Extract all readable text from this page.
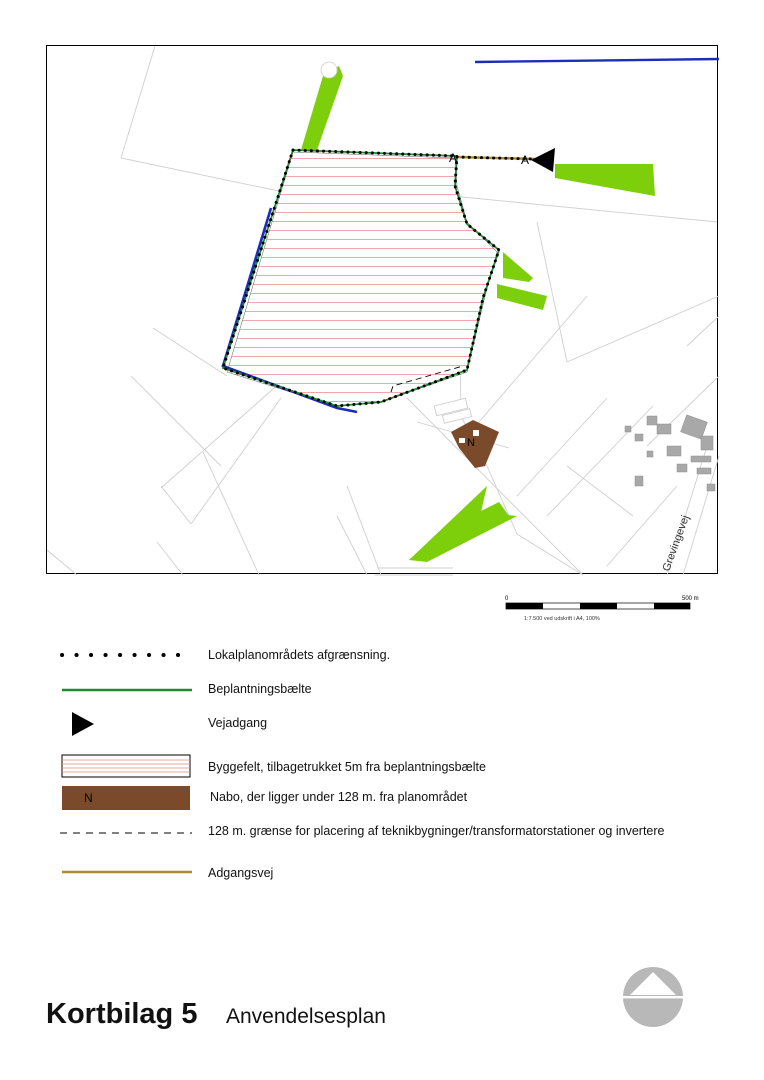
A	A
N
Grevingevej
0	500 m
1:7.500 ved udskrift i A4, 100%
Lokalplanområdets afgrænsning.
Beplantningsbælte
Vejadgang
Byggefelt, tilbagetrukket 5m fra beplantningsbælte
N	Nabo, der ligger under 128 m. fra planområdet
128 m. grænse for placering af teknikbygninger/transformatorstationer og invertere
Adgangsvej
Kortbilag 5 Anvendelsesplan
